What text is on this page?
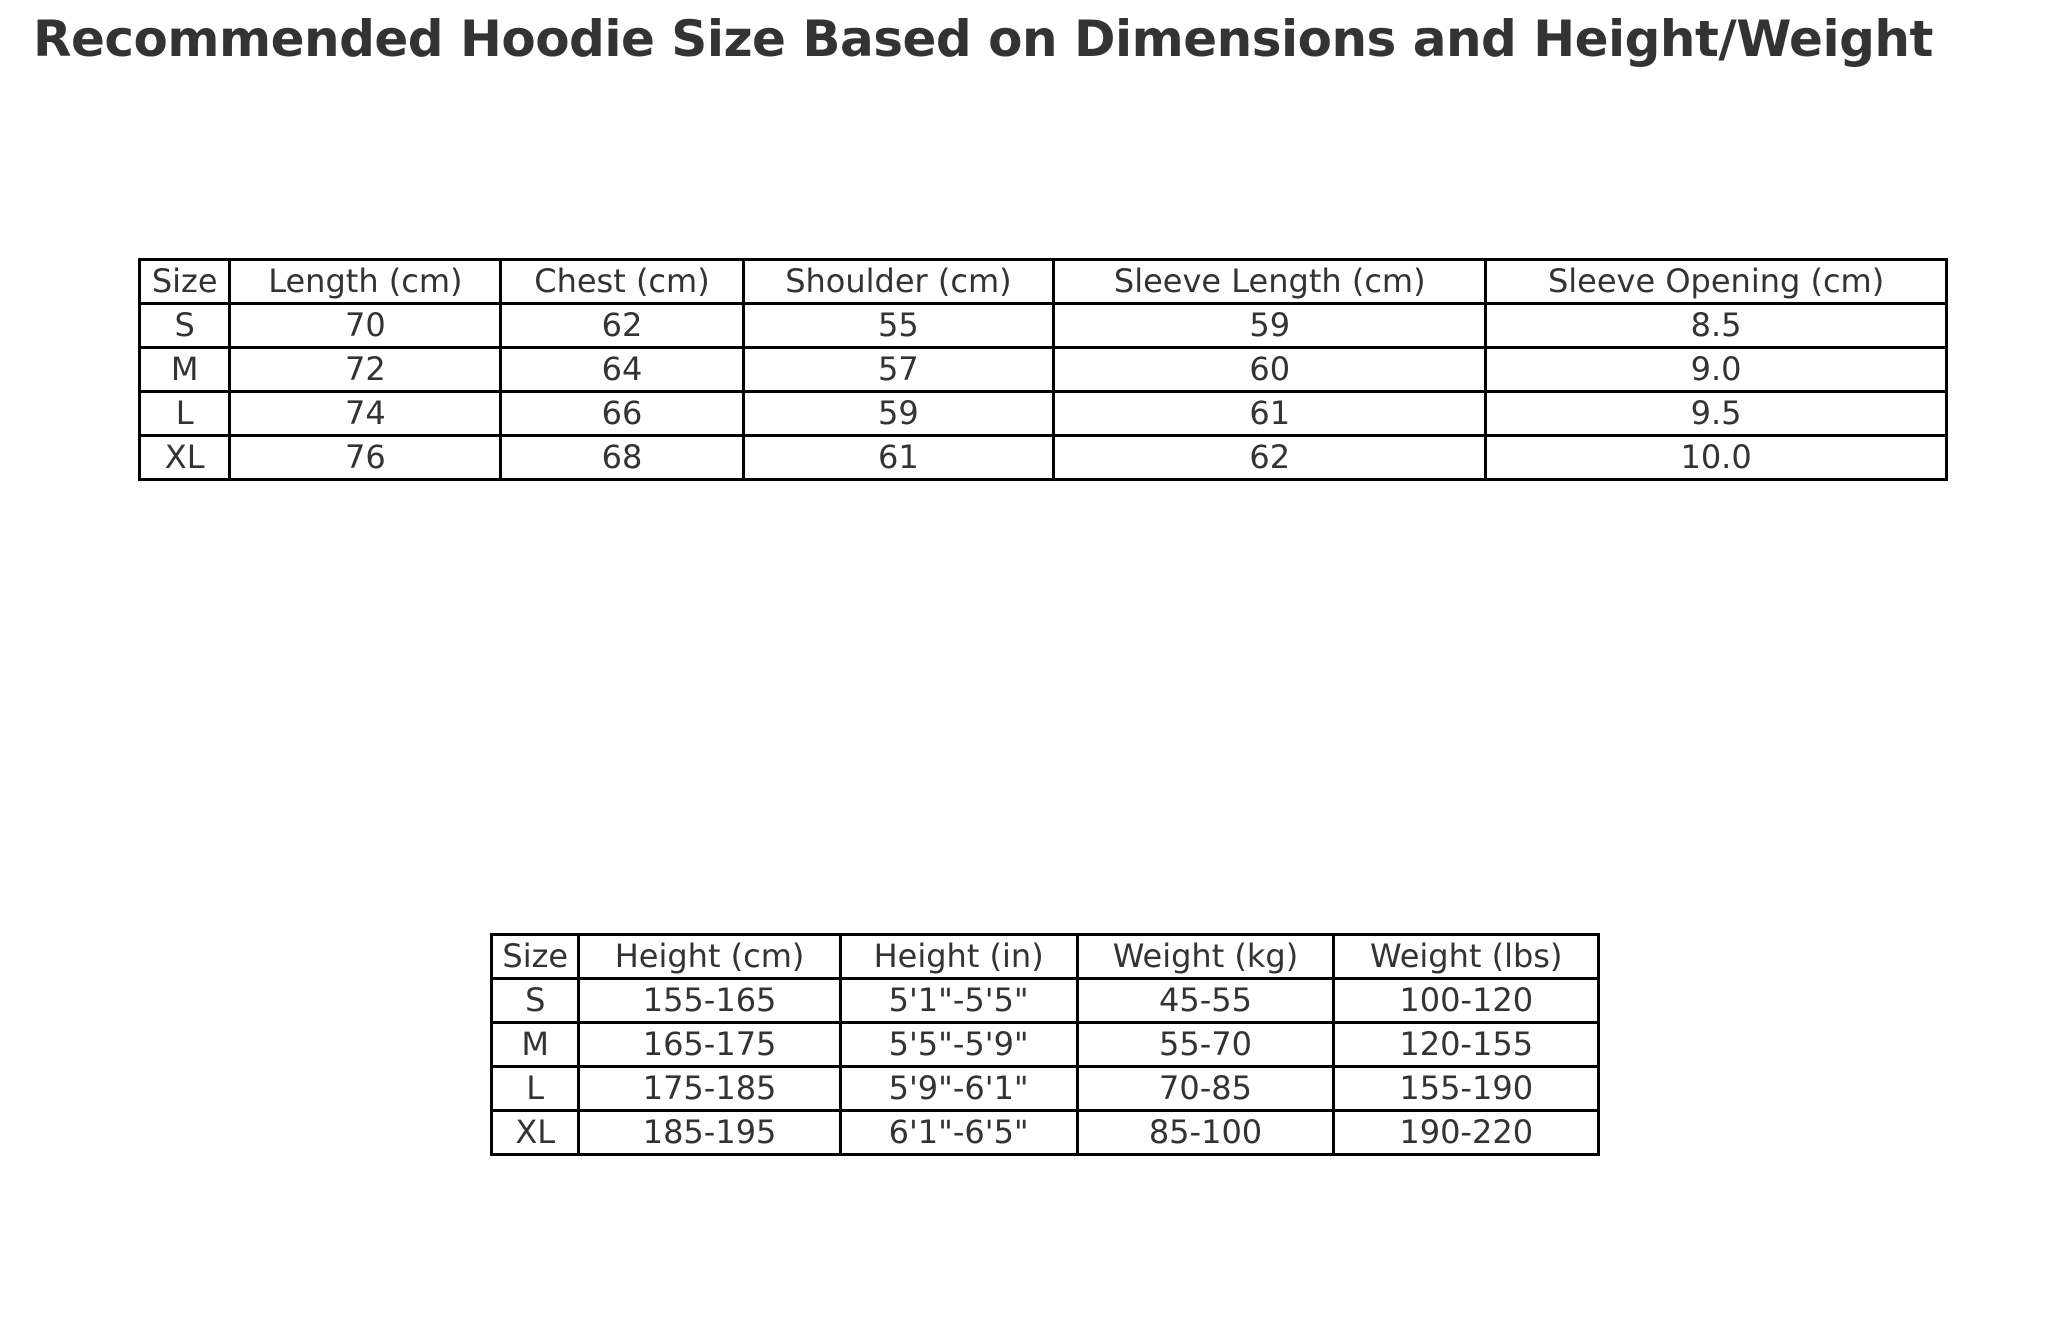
Recommended Hoodie Size Based on Dimensions and Height/Weight
Size	Length (cm)	Chest (cm)	Shoulder (cm)	Sleeve Length (cm)	Sleeve Opening (cm)
S	70	62	55	59	8.5
M	72	64	57	60	9.0
L	74	66	59	61	9.5
XL	76	68	61	62	10.0
Size	Height (cm)	Height (in)	Weight (kg)	Weight (lbs)
S	155-165	5'1"-5'5"	45-55	100-120
M	165-175	5'5"-5'9"	55-70	120-155
L	175-185	5'9"-6'1"	70-85	155-190
XL	185-195	6'1"-6'5"	85-100	190-220
